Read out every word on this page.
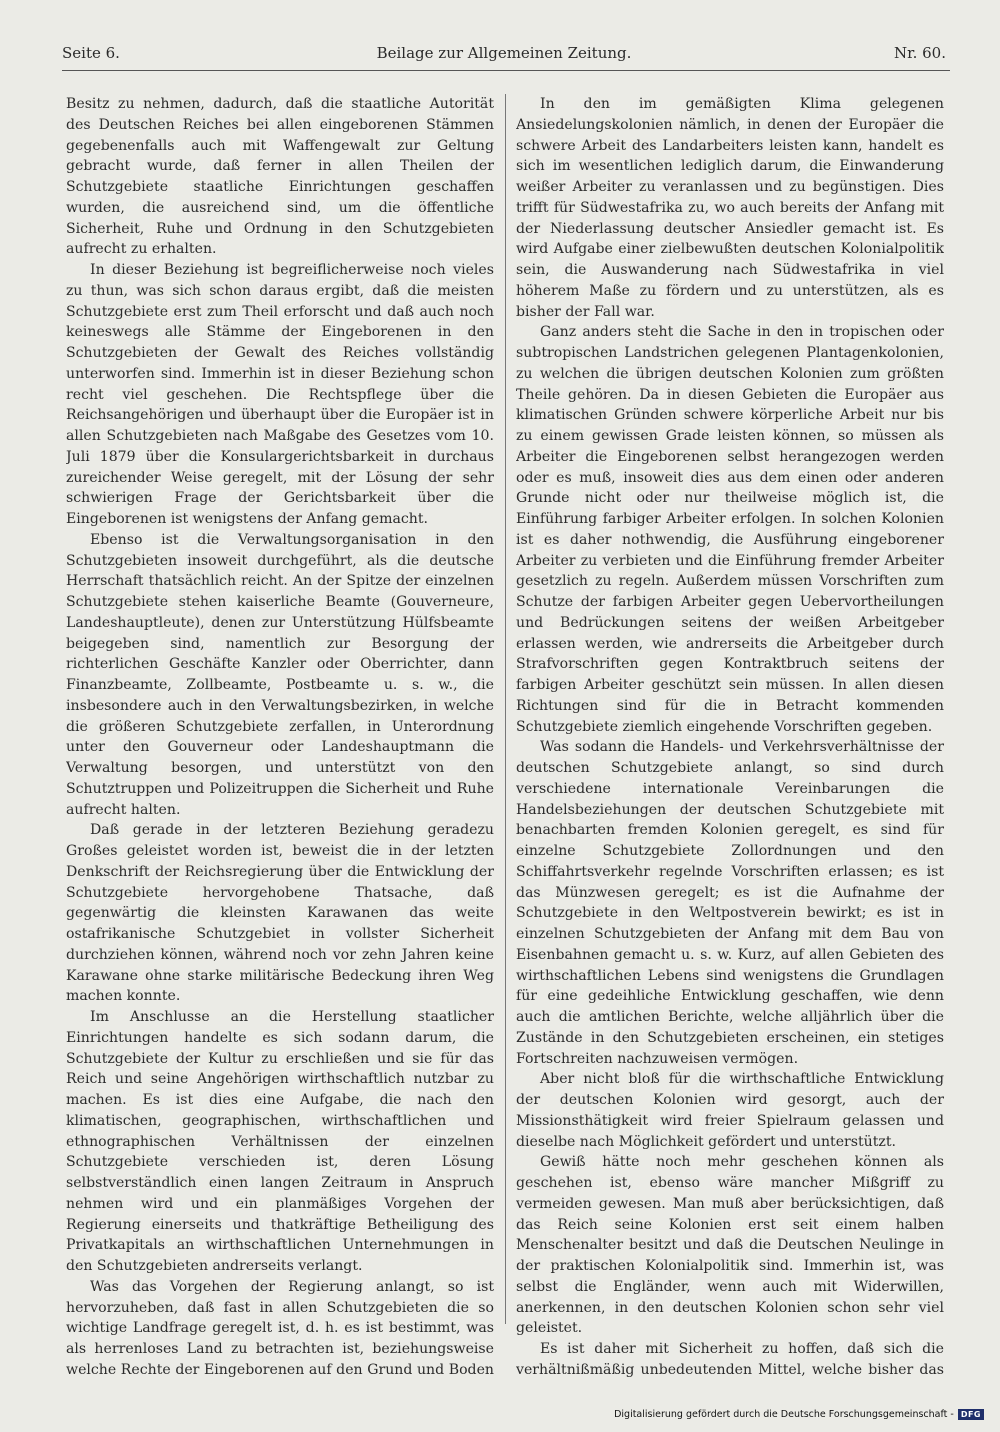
Seite 6.	Beilage zur Allgemeinen Zeitung.	Nr. 60.

Besitz zu nehmen, dadurch, daß die staatliche Autorität des Deutschen Reiches bei allen eingeborenen Stämmen gegebenenfalls auch mit Waffengewalt zur Geltung gebracht wurde, daß ferner in allen Theilen der Schutzgebiete staatliche Einrichtungen geschaffen wurden, die ausreichend sind, um die öffentliche Sicherheit, Ruhe und Ordnung in den Schutzgebieten aufrecht zu erhalten.

In dieser Beziehung ist begreiflicherweise noch vieles zu thun, was sich schon daraus ergibt, daß die meisten Schutzgebiete erst zum Theil erforscht und daß auch noch keineswegs alle Stämme der Eingeborenen in den Schutzgebieten der Gewalt des Reiches vollständig unterworfen sind. Immerhin ist in dieser Beziehung schon recht viel geschehen. Die Rechtspflege über die Reichsangehörigen und überhaupt über die Europäer ist in allen Schutzgebieten nach Maßgabe des Gesetzes vom 10. Juli 1879 über die Konsulargerichtsbarkeit in durchaus zureichender Weise geregelt, mit der Lösung der sehr schwierigen Frage der Gerichtsbarkeit über die Eingeborenen ist wenigstens der Anfang gemacht.

Ebenso ist die Verwaltungsorganisation in den Schutzgebieten insoweit durchgeführt, als die deutsche Herrschaft thatsächlich reicht. An der Spitze der einzelnen Schutzgebiete stehen kaiserliche Beamte (Gouverneure, Landeshauptleute), denen zur Unterstützung Hülfsbeamte beigegeben sind, namentlich zur Besorgung der richterlichen Geschäfte Kanzler oder Oberrichter, dann Finanzbeamte, Zollbeamte, Postbeamte u. s. w., die insbesondere auch in den Verwaltungsbezirken, in welche die größeren Schutzgebiete zerfallen, in Unterordnung unter den Gouverneur oder Landeshauptmann die Verwaltung besorgen, und unterstützt von den Schutztruppen und Polizeitruppen die Sicherheit und Ruhe aufrecht halten.

Daß gerade in der letzteren Beziehung geradezu Großes geleistet worden ist, beweist die in der letzten Denkschrift der Reichsregierung über die Entwicklung der Schutzgebiete hervorgehobene Thatsache, daß gegenwärtig die kleinsten Karawanen das weite ostafrikanische Schutzgebiet in vollster Sicherheit durchziehen können, während noch vor zehn Jahren keine Karawane ohne starke militärische Bedeckung ihren Weg machen konnte.

Im Anschlusse an die Herstellung staatlicher Einrichtungen handelte es sich sodann darum, die Schutzgebiete der Kultur zu erschließen und sie für das Reich und seine Angehörigen wirthschaftlich nutzbar zu machen. Es ist dies eine Aufgabe, die nach den klimatischen, geographischen, wirthschaftlichen und ethnographischen Verhältnissen der einzelnen Schutzgebiete verschieden ist, deren Lösung selbstverständlich einen langen Zeitraum in Anspruch nehmen wird und ein planmäßiges Vorgehen der Regierung einerseits und thatkräftige Betheiligung des Privatkapitals an wirthschaftlichen Unternehmungen in den Schutzgebieten andrerseits verlangt.

Was das Vorgehen der Regierung anlangt, so ist hervorzuheben, daß fast in allen Schutzgebieten die so wichtige Landfrage geregelt ist, d. h. es ist bestimmt, was als herrenloses Land zu betrachten ist, beziehungsweise welche Rechte der Eingeborenen auf den Grund und Boden

In den im gemäßigten Klima gelegenen Ansiedelungskolonien nämlich, in denen der Europäer die schwere Arbeit des Landarbeiters leisten kann, handelt es sich im wesentlichen lediglich darum, die Einwanderung weißer Arbeiter zu veranlassen und zu begünstigen. Dies trifft für Südwestafrika zu, wo auch bereits der Anfang mit der Niederlassung deutscher Ansiedler gemacht ist. Es wird Aufgabe einer zielbewußten deutschen Kolonialpolitik sein, die Auswanderung nach Südwestafrika in viel höherem Maße zu fördern und zu unterstützen, als es bisher der Fall war.

Ganz anders steht die Sache in den in tropischen oder subtropischen Landstrichen gelegenen Plantagenkolonien, zu welchen die übrigen deutschen Kolonien zum größten Theile gehören. Da in diesen Gebieten die Europäer aus klimatischen Gründen schwere körperliche Arbeit nur bis zu einem gewissen Grade leisten können, so müssen als Arbeiter die Eingeborenen selbst herangezogen werden oder es muß, insoweit dies aus dem einen oder anderen Grunde nicht oder nur theilweise möglich ist, die Einführung farbiger Arbeiter erfolgen. In solchen Kolonien ist es daher nothwendig, die Ausführung eingeborener Arbeiter zu verbieten und die Einführung fremder Arbeiter gesetzlich zu regeln. Außerdem müssen Vorschriften zum Schutze der farbigen Arbeiter gegen Uebervortheilungen und Bedrückungen seitens der weißen Arbeitgeber erlassen werden, wie andrerseits die Arbeitgeber durch Strafvorschriften gegen Kontraktbruch seitens der farbigen Arbeiter geschützt sein müssen. In allen diesen Richtungen sind für die in Betracht kommenden Schutzgebiete ziemlich eingehende Vorschriften gegeben.

Was sodann die Handels- und Verkehrsverhältnisse der deutschen Schutzgebiete anlangt, so sind durch verschiedene internationale Vereinbarungen die Handelsbeziehungen der deutschen Schutzgebiete mit benachbarten fremden Kolonien geregelt, es sind für einzelne Schutzgebiete Zollordnungen und den Schiffahrtsverkehr regelnde Vorschriften erlassen; es ist das Münzwesen geregelt; es ist die Aufnahme der Schutzgebiete in den Weltpostverein bewirkt; es ist in einzelnen Schutzgebieten der Anfang mit dem Bau von Eisenbahnen gemacht u. s. w. Kurz, auf allen Gebieten des wirthschaftlichen Lebens sind wenigstens die Grundlagen für eine gedeihliche Entwicklung geschaffen, wie denn auch die amtlichen Berichte, welche alljährlich über die Zustände in den Schutzgebieten erscheinen, ein stetiges Fortschreiten nachzuweisen vermögen.

Aber nicht bloß für die wirthschaftliche Entwicklung der deutschen Kolonien wird gesorgt, auch der Missionsthätigkeit wird freier Spielraum gelassen und dieselbe nach Möglichkeit gefördert und unterstützt.

Gewiß hätte noch mehr geschehen können als geschehen ist, ebenso wäre mancher Mißgriff zu vermeiden gewesen. Man muß aber berücksichtigen, daß das Reich seine Kolonien erst seit einem halben Menschenalter besitzt und daß die Deutschen Neulinge in der praktischen Kolonialpolitik sind. Immerhin ist, was selbst die Engländer, wenn auch mit Widerwillen, anerkennen, in den deutschen Kolonien schon sehr viel geleistet.

Es ist daher mit Sicherheit zu hoffen, daß sich die verhältnißmäßig unbedeutenden Mittel, welche bisher das

Digitalisierung gefördert durch die Deutsche Forschungsgemeinschaft - DFG
